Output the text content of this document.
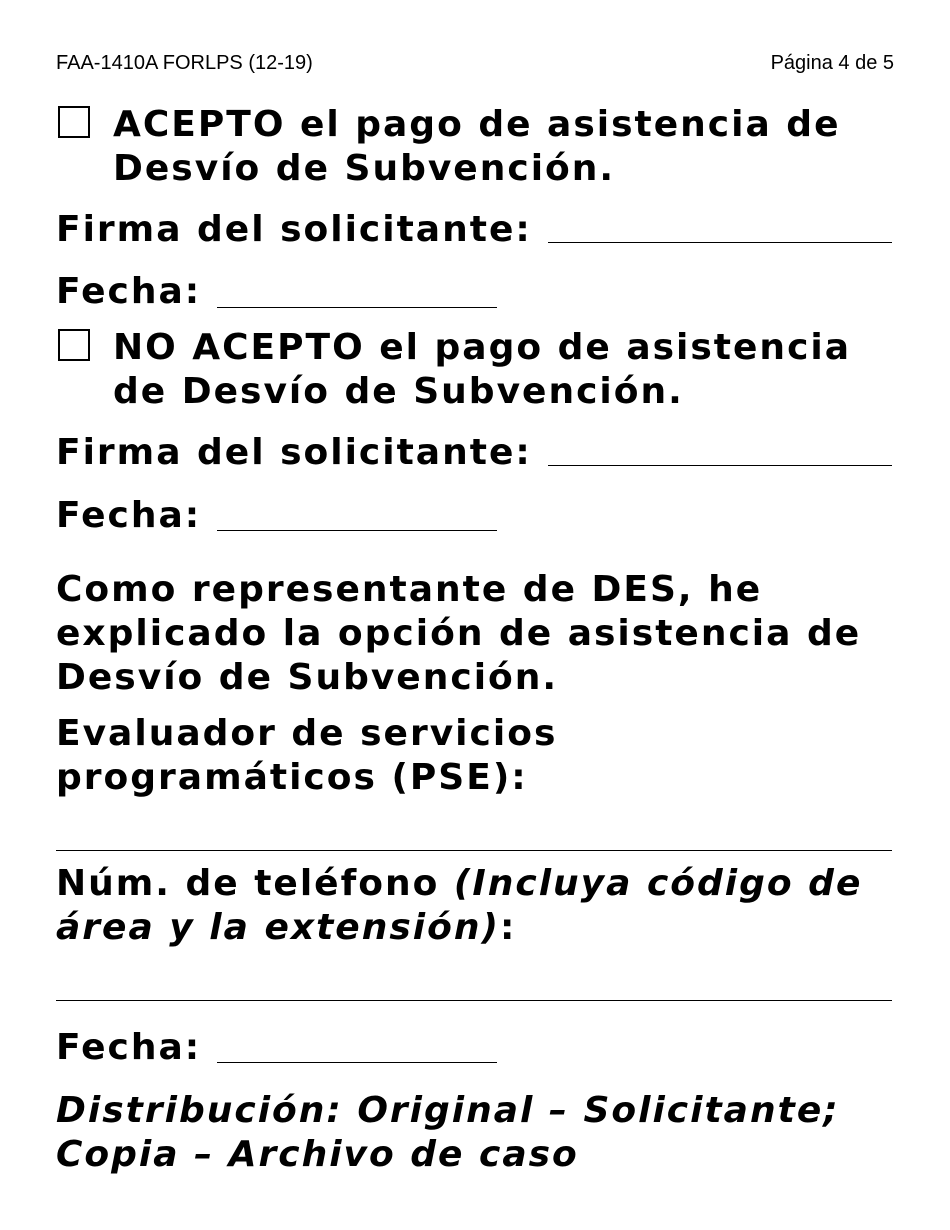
FAA-1410A FORLPS (12-19)	Página 4 de 5
ACEPTO el pago de asistencia de
Desvío de Subvención.
Firma del solicitante:
Fecha:
NO ACEPTO el pago de asistencia
de Desvío de Subvención.
Firma del solicitante:
Fecha:
Como representante de DES, he
explicado la opción de asistencia de
Desvío de Subvención.
Evaluador de servicios
programáticos (PSE):
Núm. de teléfono (Incluya código de
área y la extensión):
Fecha:
Distribución: Original – Solicitante;
Copia – Archivo de caso
